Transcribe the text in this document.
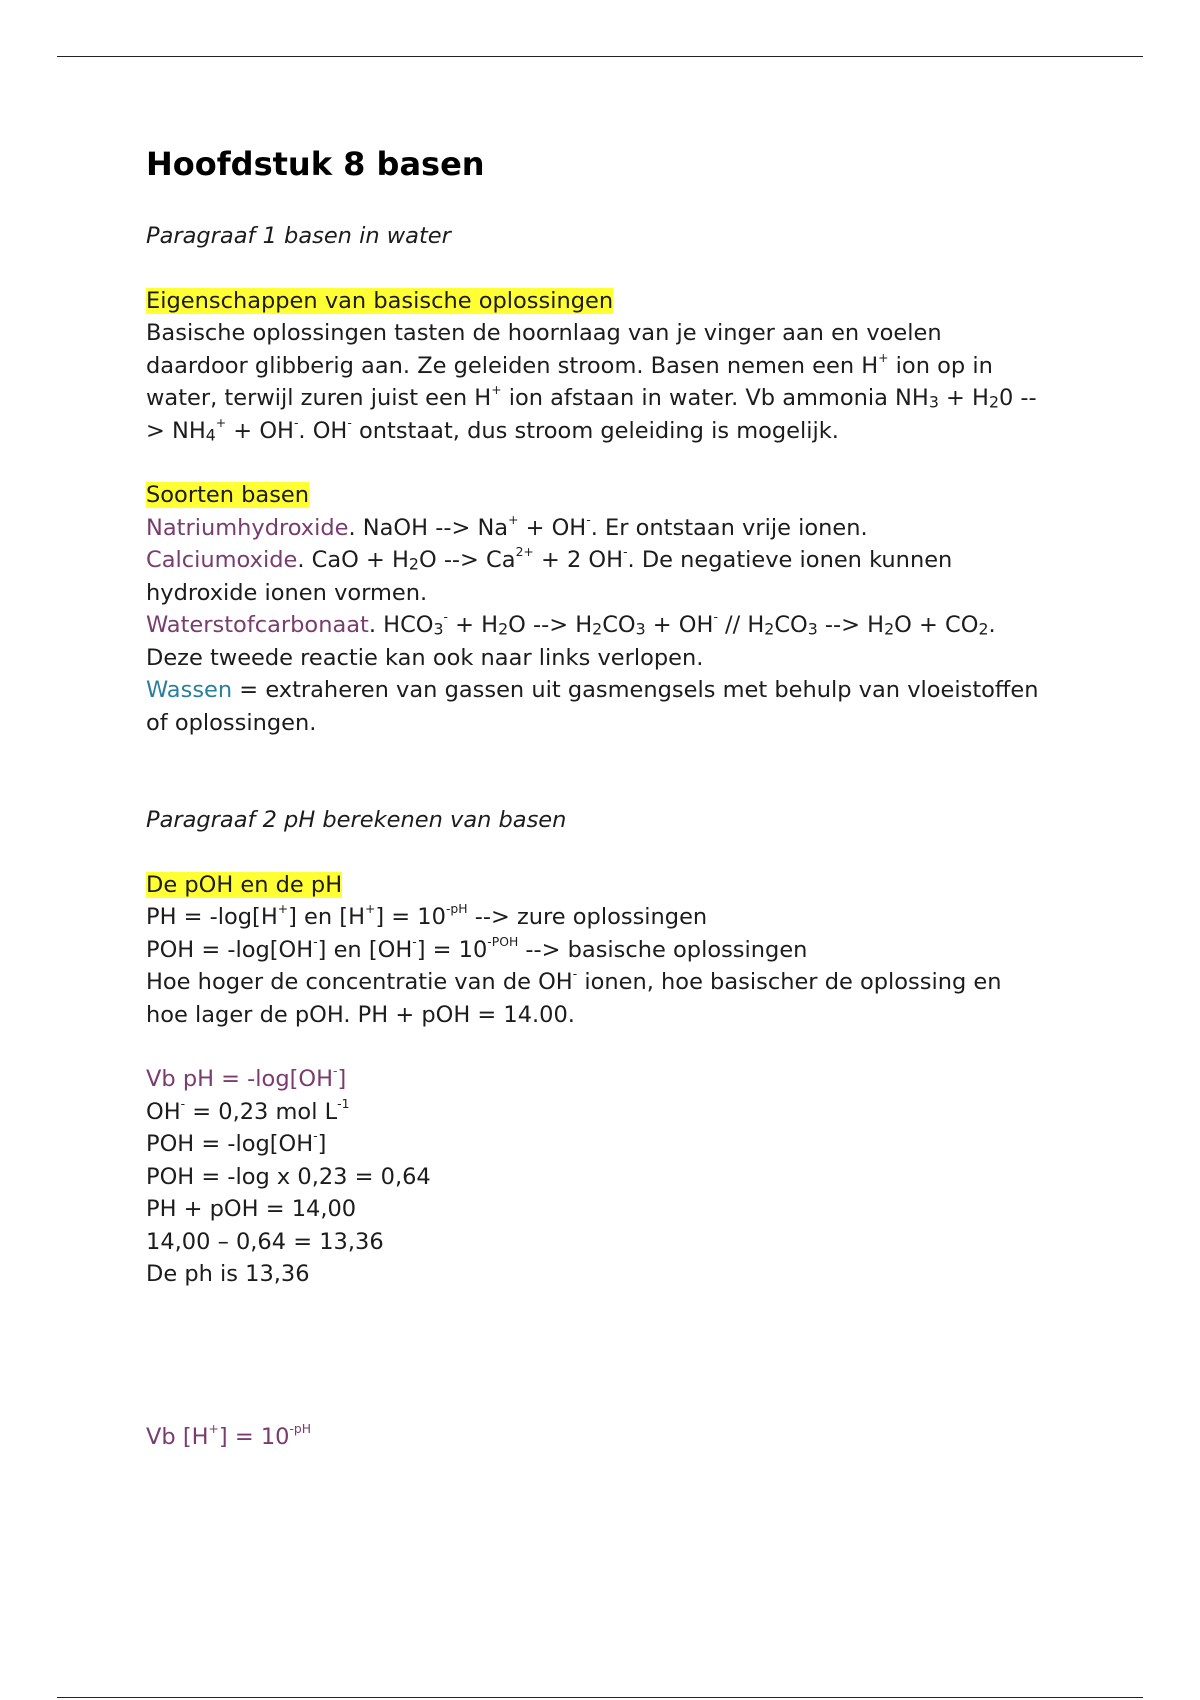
Hoofdstuk 8 basen

Paragraaf 1 basen in water

Eigenschappen van basische oplossingen

Basische oplossingen tasten de hoornlaag van je vinger aan en voelen daardoor glibberig aan. Ze geleiden stroom. Basen nemen een H+ ion op in water, terwijl zuren juist een H+ ion afstaan in water. Vb ammonia $NH_3 + H_20$ --> $NH_4^+ + OH^-$. OH- ontstaat, dus stroom geleiding is mogelijk.

Soorten basen

Natriumhydroxide. NaOH --> Na+ + OH-. Er ontstaan vrije ionen.

Calciumoxide. CaO + $H_2O$ --> $Ca^{2+} + 2$ OH-. De negatieve ionen kunnen hydroxide ionen vormen.

Waterstofcarbonaat. $HCO_3^- + H_2O$ --> $H_2CO_3 + OH^- // H_2CO_3$ --> $H_2O + CO_2$.

Deze tweede reactie kan ook naar links verlopen.

Wassen = extraheren van gassen uit gasmengsels met behulp van vloeistoffen of oplossingen.

Paragraaf 2 pH berekenen van basen

De pOH en de pH

PH = -log[H+] en $[H^+] = 10^{-pH}$ --> zure oplossingen

POH = -log[OH-] en $[OH^-] = 10^{-POH}$ --> basische oplossingen

Hoe hoger de concentratie van de OH- ionen, hoe basischer de oplossing en hoe lager de pOH. PH + pOH = 14.00.

Vb pH = -log[OH-]

OH- = 0,23 mol $L^{-1}$

POH = -log[OH-]

POH = -log x 0,23 = 0,64

PH + pOH = 14,00

14,00 – 0,64 = 13,36

De ph is 13,36

Vb $[H^+] = 10^{-pH}$
